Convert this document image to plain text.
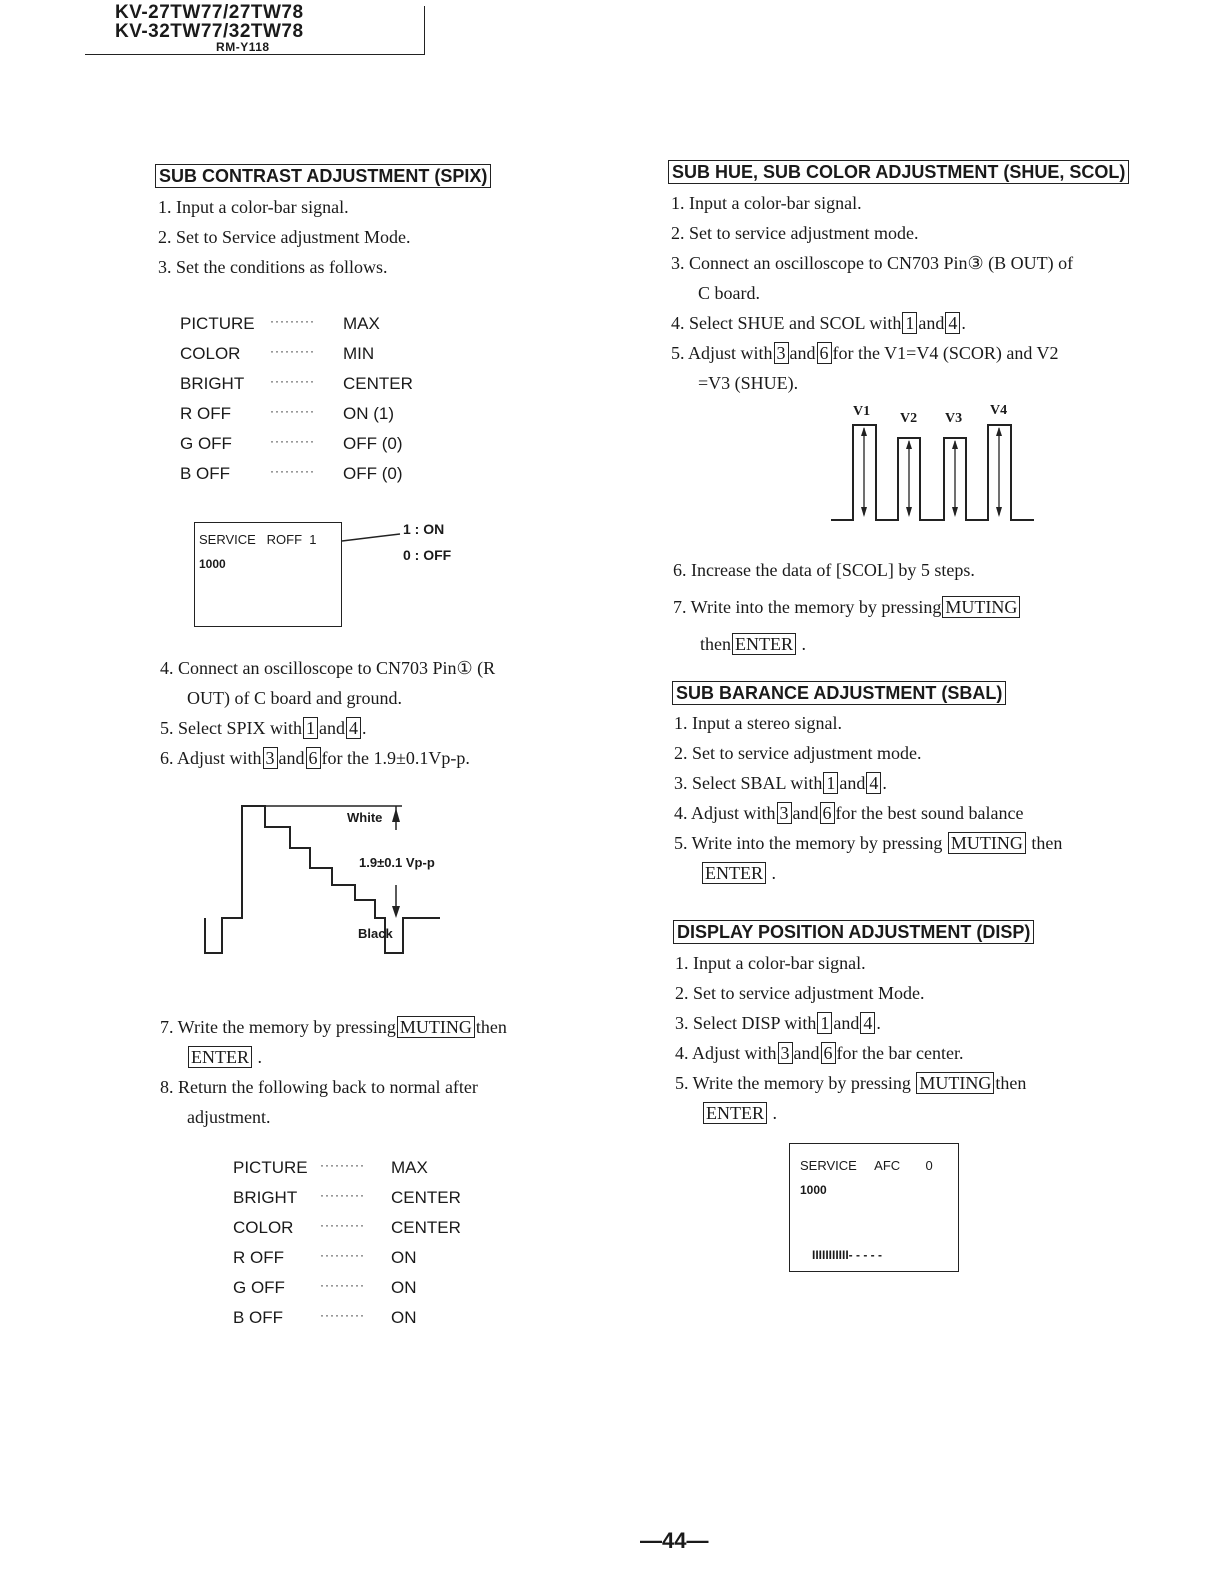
KV-27TW77/27TW78
KV-32TW77/32TW78
RM-Y118
SUB CONTRAST ADJUSTMENT (SPIX)
1. Input a color-bar signal.
2. Set to Service adjustment Mode.
3. Set the conditions as follows.
PICTURE ········· MAX
COLOR ········· MIN
BRIGHT ········· CENTER
R OFF	········· ON (1)
G OFF	········· OFF (0)
B OFF	········· OFF (0)
SERVICE   ROFF  1
1000
1 : ON
0 : OFF
4. Connect an oscilloscope to CN703 Pin① (R
OUT) of C board and ground.
5. Select SPIX with 1 and 4 .
6. Adjust with 3 and 6 for the 1.9±0.1Vp-p.
White
1.9±0.1 Vp-p
Black
7. Write the memory by pressing MUTING then
ENTER .
8. Return the following back to normal after
adjustment.
PICTURE ········· MAX
BRIGHT ········· CENTER
COLOR ········· CENTER
R OFF	········· ON
G OFF	········· ON
B OFF	········· ON
SUB HUE, SUB COLOR ADJUSTMENT (SHUE, SCOL)
1. Input a color-bar signal.
2. Set to service adjustment mode.
3. Connect an oscilloscope to CN703 Pin③ (B OUT) of
C board.
4. Select SHUE and SCOL with 1 and 4 .
5. Adjust with 3 and 6 for the V1=V4 (SCOR) and V2
=V3 (SHUE).
V1 V2 V3
V4
6. Increase the data of [SCOL] by 5 steps.
7. Write into the memory by pressing MUTING
then ENTER .
SUB BARANCE ADJUSTMENT (SBAL)
1. Input a stereo signal.
2. Set to service adjustment mode.
3. Select SBAL with 1 and 4 .
4. Adjust with 3 and 6 for the best sound balance
5. Write into the memory by pressing MUTING then
ENTER .
DISPLAY POSITION ADJUSTMENT (DISP)
1. Input a color-bar signal.
2. Set to service adjustment Mode.
3. Select DISP with 1 and 4 .
4. Adjust with 3 and 6 for the bar center.
5. Write the memory by pressing MUTING then
ENTER .
SERVICE     AFC       0
1000
IIIIIIIIIII- - - - -
—44—
